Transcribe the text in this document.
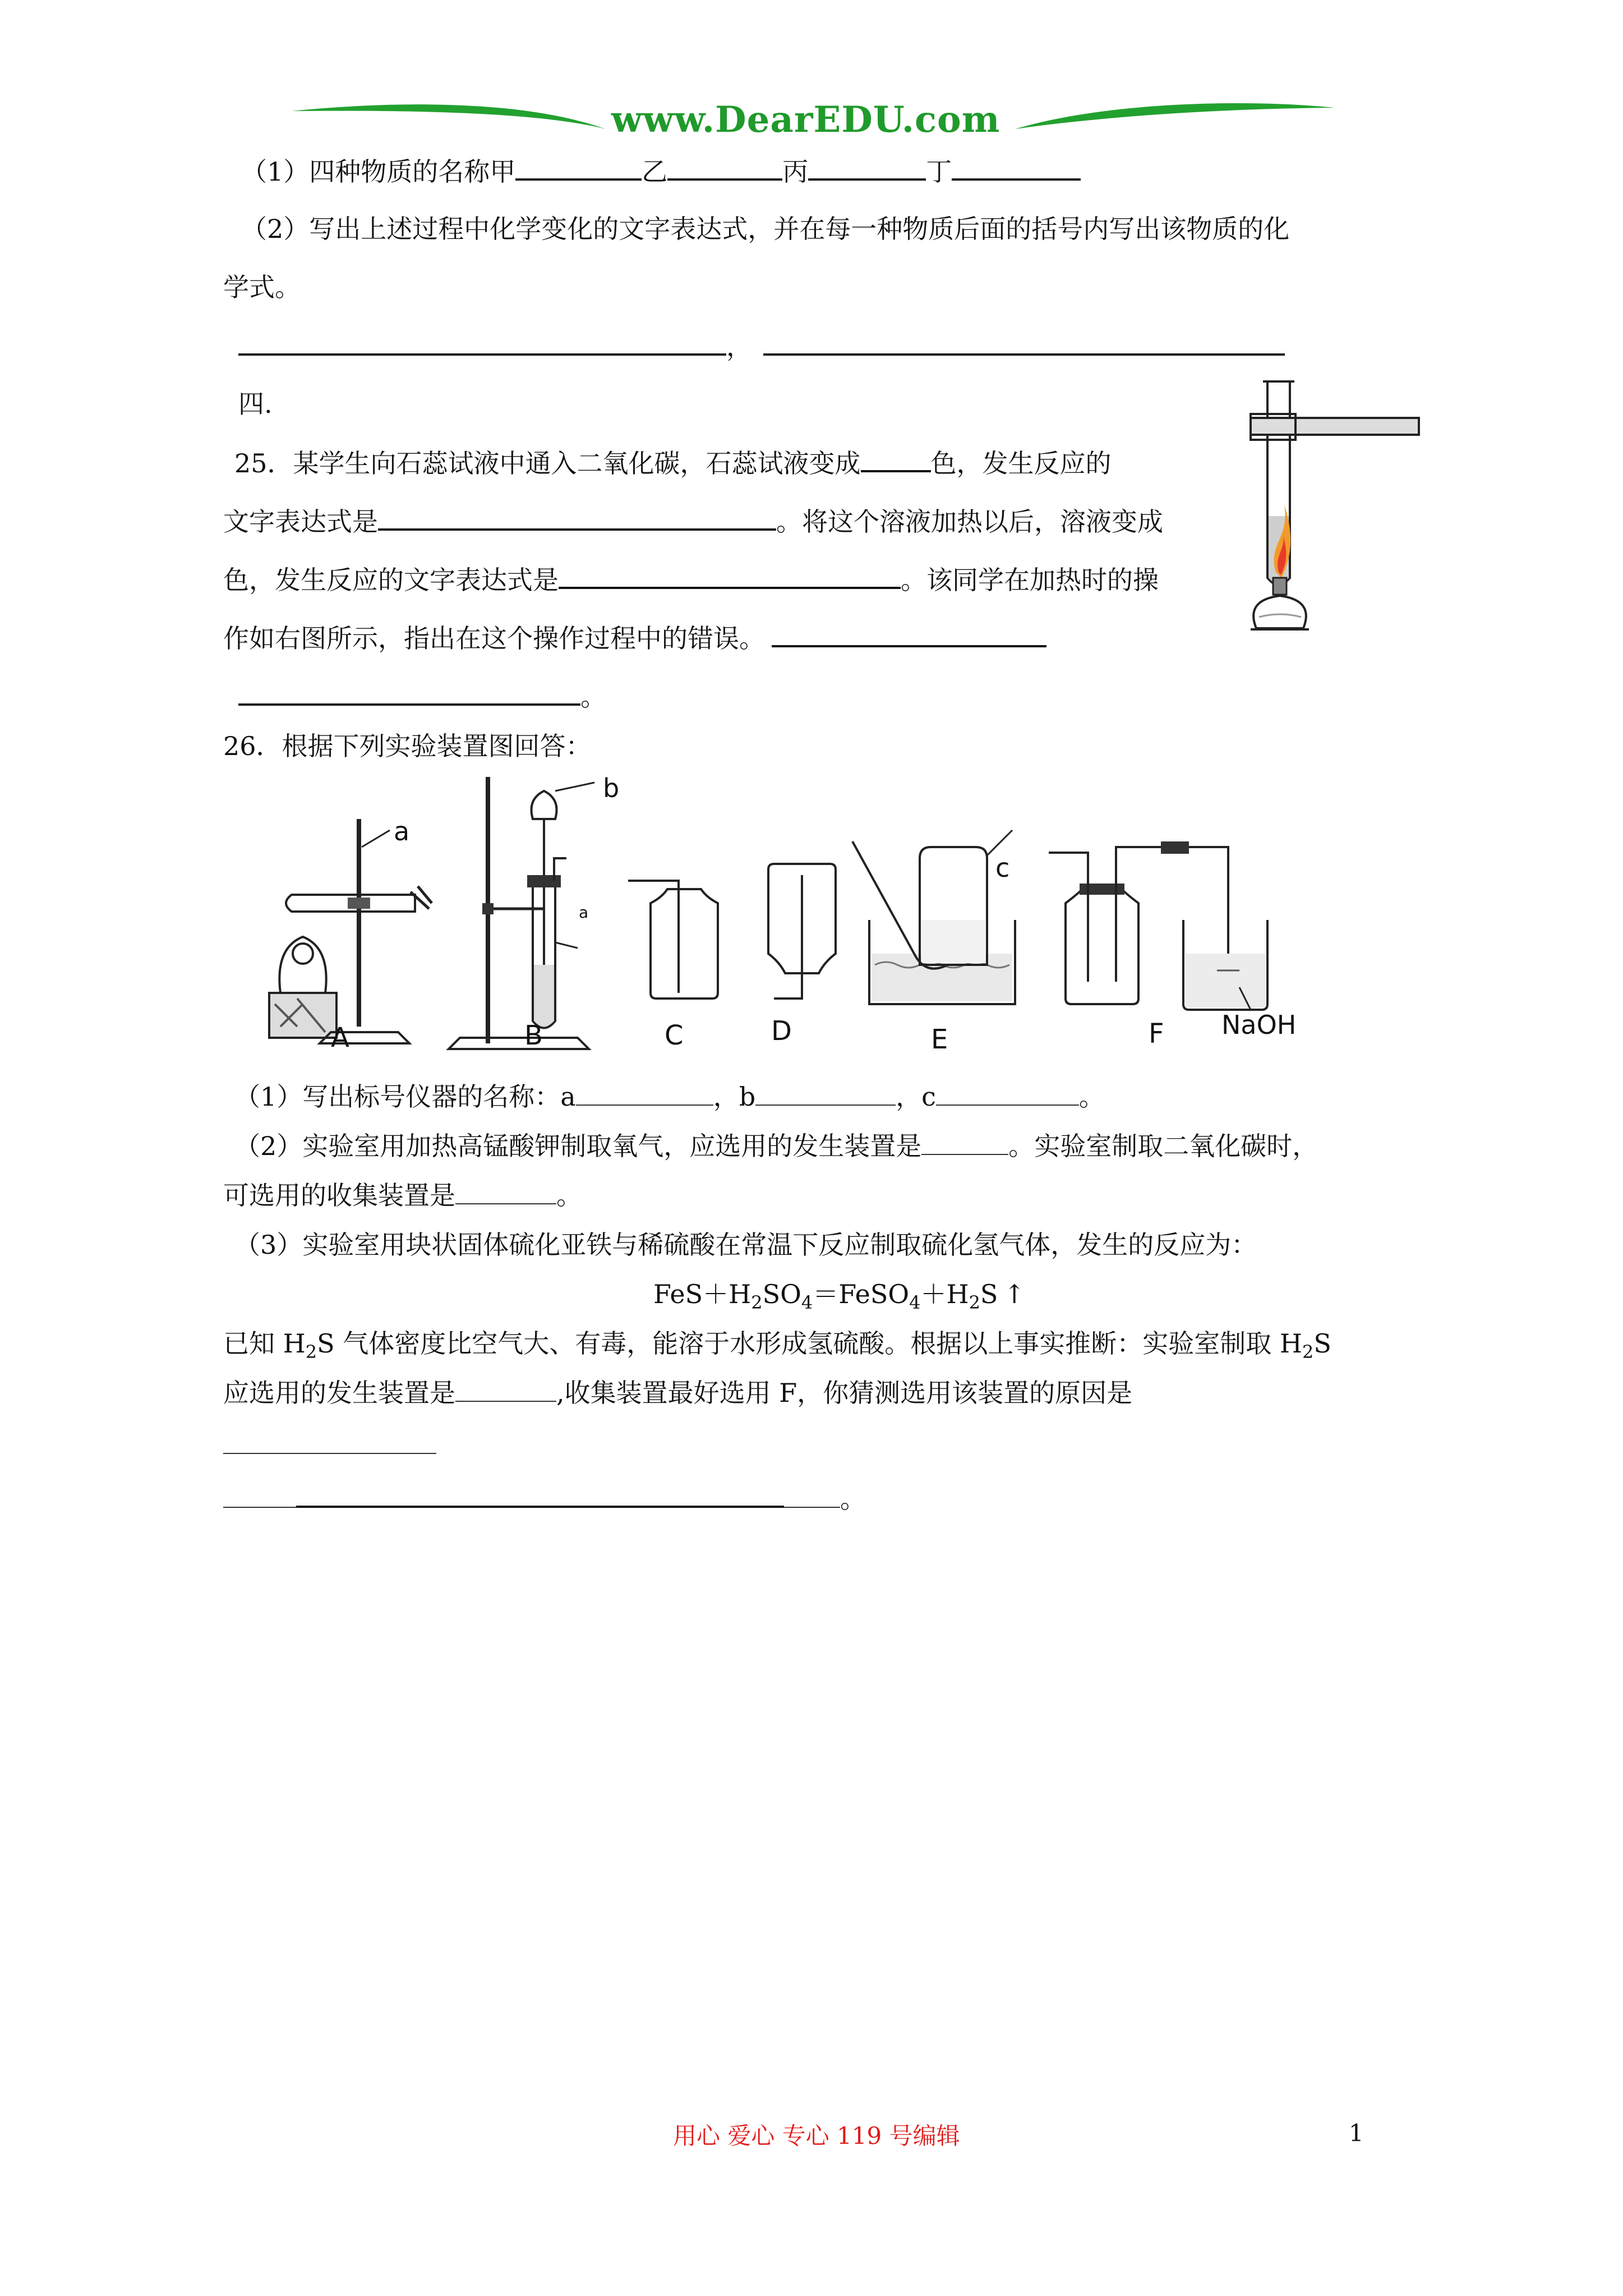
www.DearEDU.com
（1）四种物质的名称甲	乙	丙	丁
（2）写出上述过程中化学变化的文字表达式，并在每一种物质后面的括号内写出该物质的化
学式。
，
四.
25．某学生向石蕊试液中通入二氧化碳，石蕊试液变成	色，发生反应的
文字表达式是	。将这个溶液加热以后，溶液变成
色，发生反应的文字表达式是	。该同学在加热时的操
作如右图所示，指出在这个操作过程中的错误。
。
26．根据下列实验装置图回答：
a
b
a
c
NaOH
A	B	C	D	E	F
（1）写出标号仪器的名称：a	，b	，c	。
（2）实验室用加热高锰酸钾制取氧气，应选用的发生装置是	。实验室制取二氧化碳时，
可选用的收集装置是	。
（3）实验室用块状固体硫化亚铁与稀硫酸在常温下反应制取硫化氢气体，发生的反应为：
$FeS+H_2SO_4=FeSO_4+H_2S$ ↑
已知 $H_2S$ 气体密度比空气大、有毒，能溶于水形成氢硫酸。根据以上事实推断：实验室制取 $H_2S$
应选用的发生装置是	,收集装置最好选用 F，你猜测选用该装置的原因是
。
用心 爱心 专心 119 号编辑	1
